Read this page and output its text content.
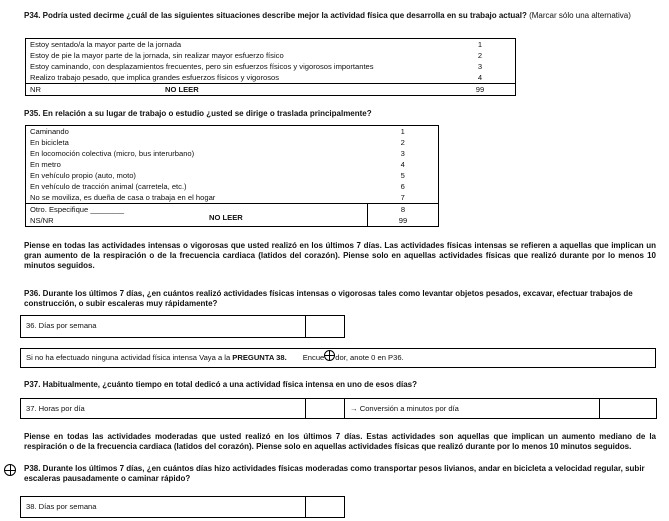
P34. Podría usted decirme ¿cuál de las siguientes situaciones describe mejor la actividad física que desarrolla en su trabajo actual? (Marcar sólo una alternativa)
Estoy sentado/a la mayor parte de la jornada	1
Estoy de pie la mayor parte de la jornada, sin realizar mayor esfuerzo físico	2
Estoy caminando, con desplazamientos frecuentes, pero sin esfuerzos físicos y vigorosos importantes	3
Realizo trabajo pesado, que implica grandes esfuerzos físicos y vigorosos	4
NR NO LEER	99
P35. En relación a su lugar de trabajo o estudio ¿usted se dirige o traslada principalmente?
Caminando	1
En bicicleta	2
En locomoción colectiva (micro, bus interurbano)	3
En metro	4
En vehículo propio (auto, moto)	5
En vehículo de tracción animal (carretela, etc.)	6
No se moviliza, es dueña de casa o trabaja en el hogar	7
Otro. Especifique ________	8
NS/NR	99
NO LEER
Piense en todas las actividades intensas o vigorosas que usted realizó en los últimos 7 días. Las actividades físicas intensas se refieren a aquellas que implican un gran aumento de la respiración o de la frecuencia cardiaca (latidos del corazón). Piense solo en aquellas actividades físicas que realizó durante por lo menos 10 minutos seguidos.
P36. Durante los últimos 7 días, ¿en cuántos realizó actividades físicas intensas o vigorosas tales como levantar objetos pesados, excavar, efectuar trabajos de construcción, o subir escaleras muy rápidamente?
36. Días por semana
Si no ha efectuado ninguna actividad física intensa Vaya a la PREGUNTA 38. Encue dor, anote 0 en P36.
P37. Habitualmente, ¿cuánto tiempo en total dedicó a una actividad física intensa en uno de esos días?
37. Horas por día	→ Conversión a minutos por día
Piense en todas las actividades moderadas que usted realizó en los últimos 7 días. Estas actividades son aquellas que implican un aumento mediano de la respiración o de la frecuencia cardiaca (latidos del corazón). Piense solo en aquellas actividades físicas que realizó durante por lo menos 10 minutos seguidos.
P38. Durante los últimos 7 días, ¿en cuántos días hizo actividades físicas moderadas como transportar pesos livianos, andar en bicicleta a velocidad regular, subir escaleras pausadamente o caminar rápido?
38. Días por semana
